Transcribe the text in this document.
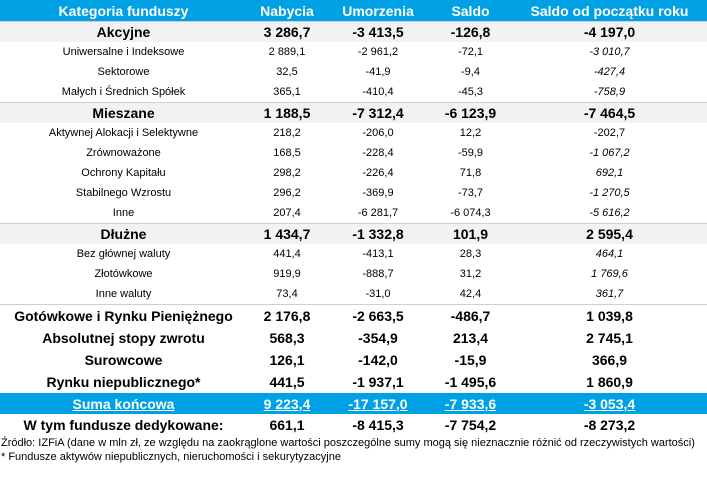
Kategoria funduszy	Nabycia	Umorzenia	Saldo	Saldo od początku roku
Akcyjne	3 286,7	-3 413,5	-126,8	-4 197,0
Uniwersalne i Indeksowe	2 889,1	-2 961,2	-72,1	-3 010,7
Sektorowe	32,5	-41,9	-9,4	-427,4
Małych i Średnich Spółek	365,1	-410,4	-45,3	-758,9
Mieszane	1 188,5	-7 312,4	-6 123,9	-7 464,5
Aktywnej Alokacji i Selektywne	218,2	-206,0	12,2	-202,7
Zrównoważone	168,5	-228,4	-59,9	-1 067,2
Ochrony Kapitału	298,2	-226,4	71,8	692,1
Stabilnego Wzrostu	296,2	-369,9	-73,7	-1 270,5
Inne	207,4	-6 281,7	-6 074,3	-5 616,2
Dłużne	1 434,7	-1 332,8	101,9	2 595,4
Bez głównej waluty	441,4	-413,1	28,3	464,1
Złotówkowe	919,9	-888,7	31,2	1 769,6
Inne waluty	73,4	-31,0	42,4	361,7
Gotówkowe i Rynku Pieniężnego	2 176,8	-2 663,5	-486,7	1 039,8
Absolutnej stopy zwrotu	568,3	-354,9	213,4	2 745,1
Surowcowe	126,1	-142,0	-15,9	366,9
Rynku niepublicznego*	441,5	-1 937,1	-1 495,6	1 860,9
Suma końcowa	9 223,4	-17 157,0	-7 933,6	-3 053,4
W tym fundusze dedykowane:	661,1	-8 415,3	-7 754,2	-8 273,2
Źródło: IZFiA (dane w mln zł, ze względu na zaokrąglone wartości poszczególne sumy mogą się nieznacznie różnić od rzeczywistych wartości)
* Fundusze aktywów niepublicznych, nieruchomości i sekurytyzacyjne
